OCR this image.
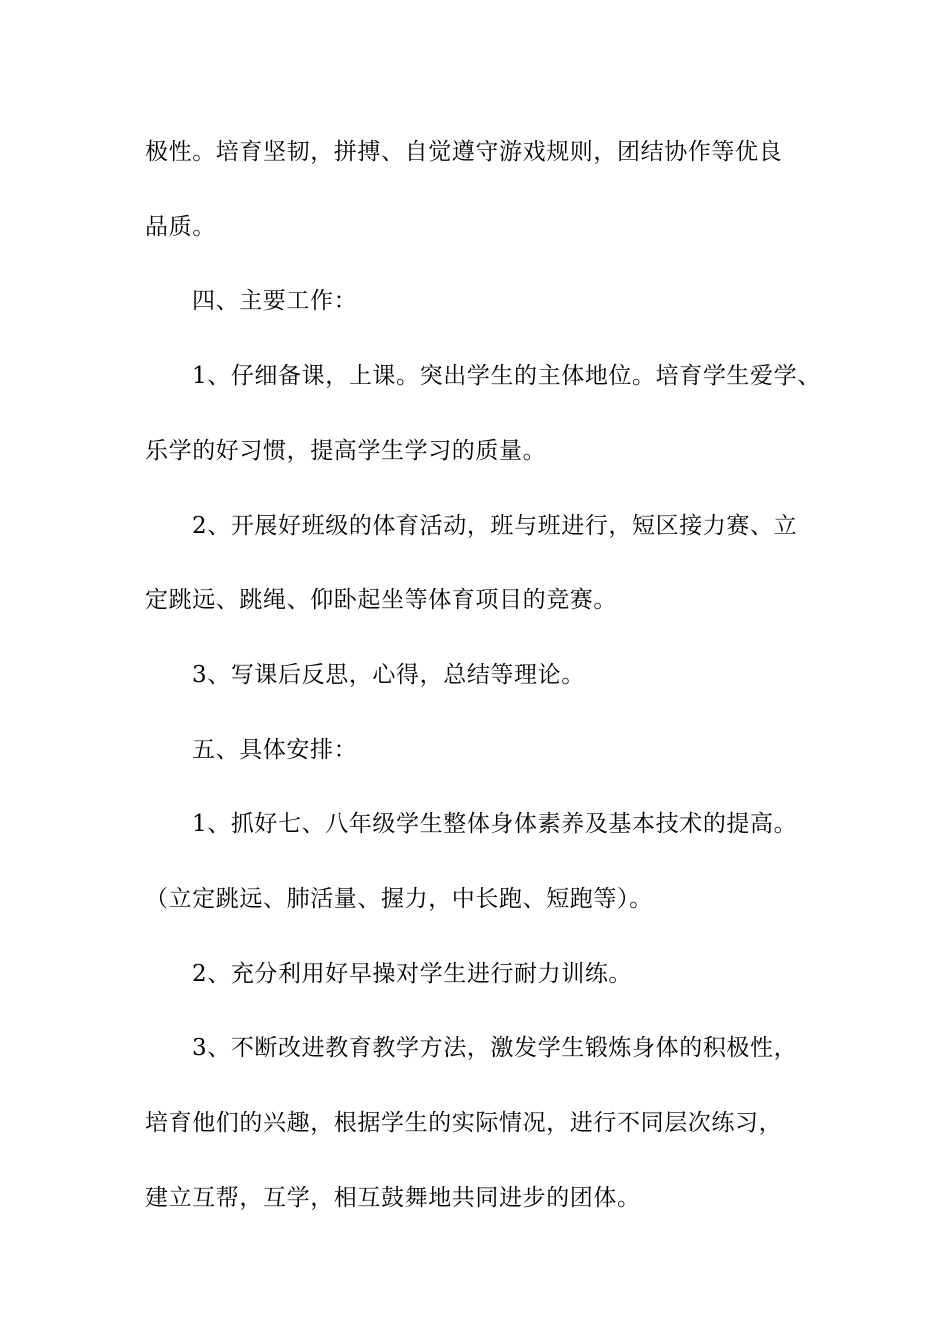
极性。培育坚韧，拼搏、自觉遵守游戏规则，团结协作等优良
品质。
四、主要工作：
1、仔细备课，上课。突出学生的主体地位。培育学生爱学、
乐学的好习惯，提高学生学习的质量。
2、开展好班级的体育活动，班与班进行，短区接力赛、立
定跳远、跳绳、仰卧起坐等体育项目的竞赛。
3、写课后反思，心得，总结等理论。
五、具体安排：
1、抓好七、八年级学生整体身体素养及基本技术的提高。
（立定跳远、肺活量、握力，中长跑、短跑等）。
2、充分利用好早操对学生进行耐力训练。
3、不断改进教育教学方法，激发学生锻炼身体的积极性，
培育他们的兴趣，根据学生的实际情况，进行不同层次练习，
建立互帮，互学，相互鼓舞地共同进步的团体。
